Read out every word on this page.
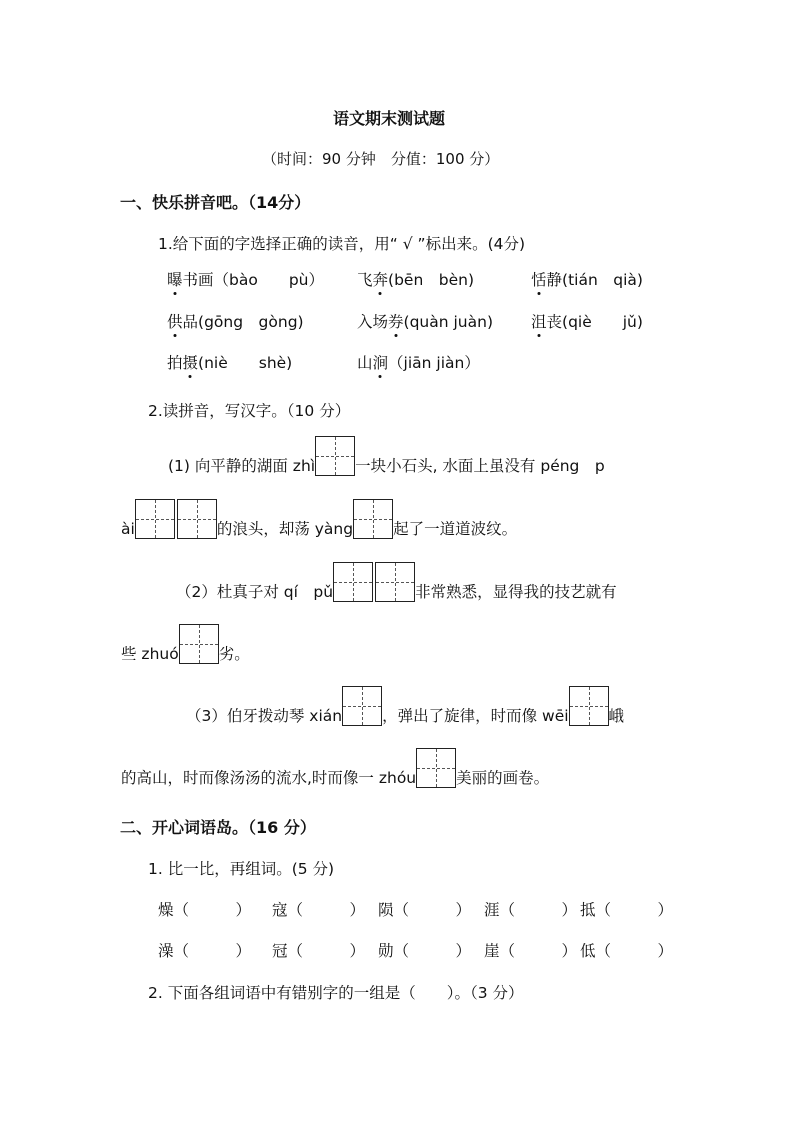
语文期末测试题
（时间：90 分钟　分值：100 分）
一、快乐拼音吧。（14分）
1.给下面的字选择正确的读音，用“ √ ”标出来。(4分)
曝书画（bào　　pù） 飞奔(bēn　bèn)	恬静(tián　qià)
供品(gōng　gòng)	入场券(quàn juàn) 沮丧(qiè　　jǔ)
拍摄(niè　　shè)	山涧（jiān jiàn）
2.读拼音，写汉字。（10 分）
(1) 向平静的湖面 zhì	一块小石头, 水面上虽没有 péng　p
ài	的浪头，却荡 yàng	起了一道道波纹。
（2）杜真子对 qí　pǔ	非常熟悉，显得我的技艺就有
些 zhuó	劣。
（3）伯牙拨动琴 xián	，弹出了旋律，时而像 wēi	峨
的高山，时而像汤汤的流水,时而像一 zhóu	美丽的画卷。
二、开心词语岛。（16 分）
1. 比一比，再组词。(5 分)
燥（　　　） 寇（　　　） 陨（　　　） 涯（　　　） 抵（　　　）
澡（　　　） 冠（　　　） 勋（　　　） 崖（　　　） 低（　　　）
2. 下面各组词语中有错别字的一组是（　　）。（3 分）
